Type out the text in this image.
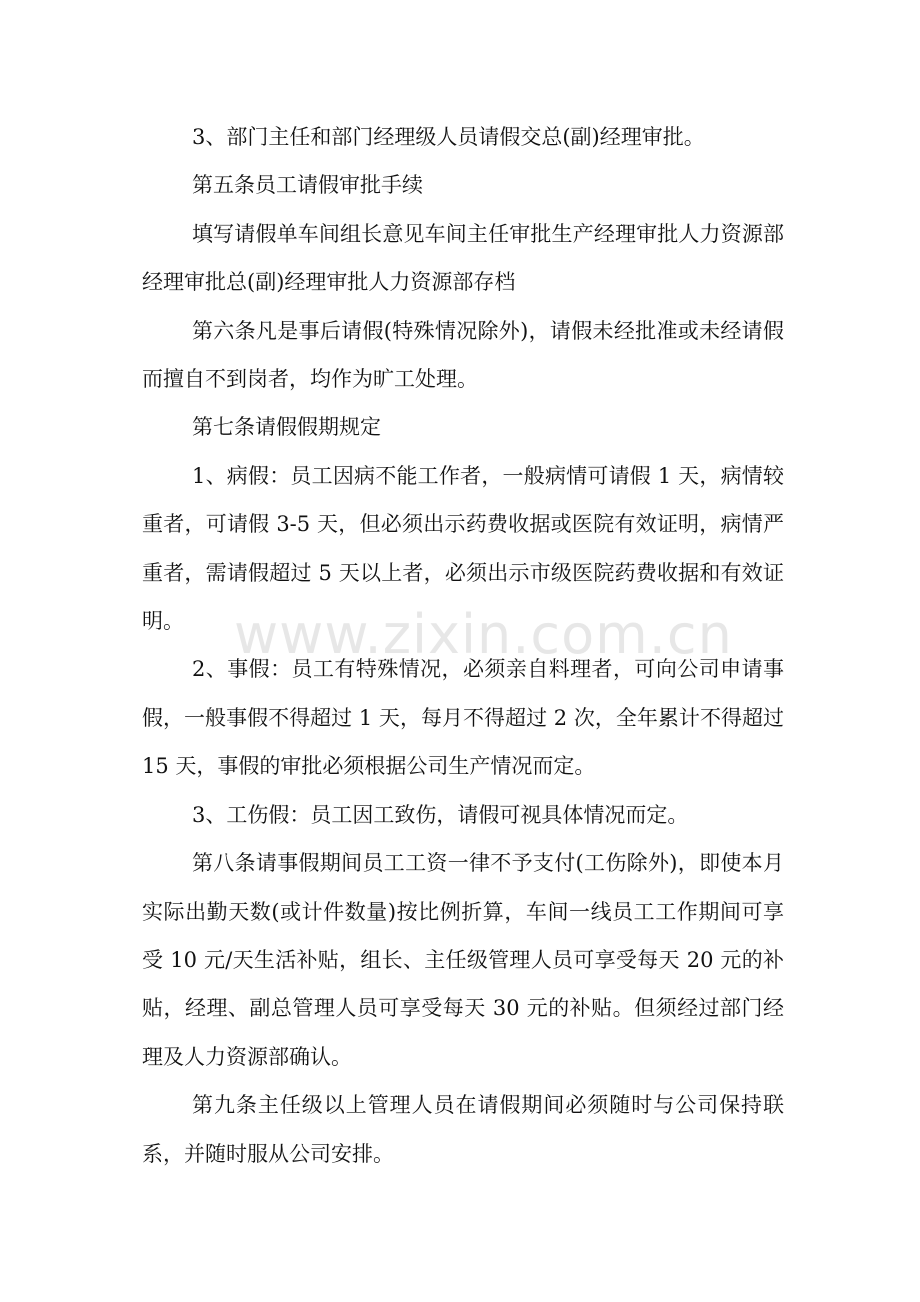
3、部门主任和部门经理级人员请假交总(副)经理审批。

第五条员工请假审批手续

填写请假单车间组长意见车间主任审批生产经理审批人力资源部经理审批总(副)经理审批人力资源部存档

第六条凡是事后请假(特殊情况除外)，请假未经批准或未经请假而擅自不到岗者，均作为旷工处理。

第七条请假假期规定

1、病假：员工因病不能工作者，一般病情可请假 1 天，病情较重者，可请假 3-5 天，但必须出示药费收据或医院有效证明，病情严重者，需请假超过 5 天以上者，必须出示市级医院药费收据和有效证明。

2、事假：员工有特殊情况，必须亲自料理者，可向公司申请事假，一般事假不得超过 1 天，每月不得超过 2 次，全年累计不得超过 15 天，事假的审批必须根据公司生产情况而定。

3、工伤假：员工因工致伤，请假可视具体情况而定。

第八条请事假期间员工工资一律不予支付(工伤除外)，即使本月实际出勤天数(或计件数量)按比例折算，车间一线员工工作期间可享受 10 元/天生活补贴，组长、主任级管理人员可享受每天 20 元的补贴，经理、副总管理人员可享受每天 30 元的补贴。但须经过部门经理及人力资源部确认。

第九条主任级以上管理人员在请假期间必须随时与公司保持联系，并随时服从公司安排。

www.zixin.com.cn
